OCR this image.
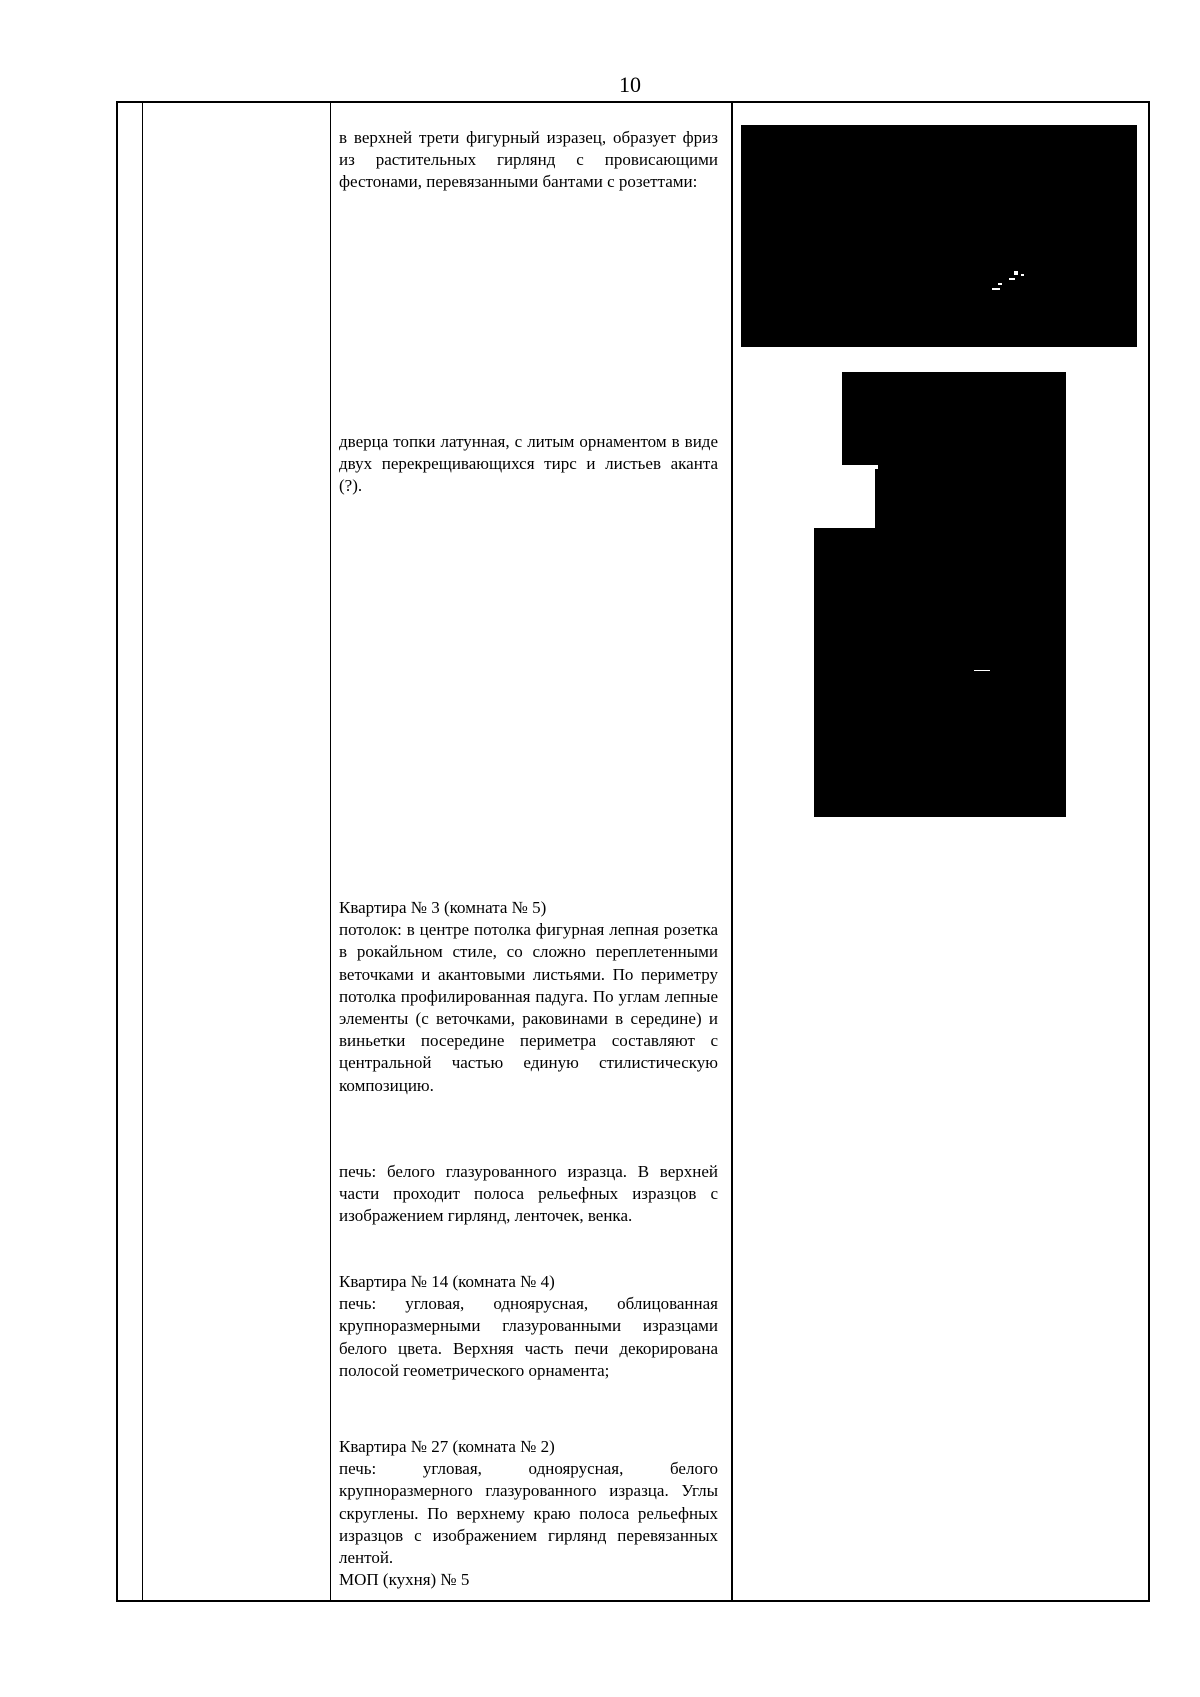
10

в верхней трети фигурный изразец, образует фриз из растительных гирлянд с провисающими фестонами, перевязанными бантами с розеттами:

дверца топки латунная, с литым орнаментом в виде двух перекрещивающихся тирс и листьев аканта (?).

Квартира № 3 (комната № 5)

потолок: в центре потолка фигурная лепная розетка в рокайльном стиле, со сложно переплетенными веточками и акантовыми листьями. По периметру потолка профилированная падуга. По углам лепные элементы (с веточками, раковинами в середине) и виньетки посередине периметра составляют с центральной частью единую стилистическую композицию.

печь: белого глазурованного изразца. В верхней части проходит полоса рельефных изразцов с изображением гирлянд, ленточек, венка.

Квартира № 14 (комната № 4)

печь: угловая, одноярусная, облицованная крупноразмерными глазурованными изразцами белого цвета. Верхняя часть печи декорирована полосой геометрического орнамента;

Квартира № 27 (комната № 2)

печь: угловая, одноярусная, белого крупноразмерного глазурованного изразца. Углы скруглены. По верхнему краю полоса рельефных изразцов с изображением гирлянд перевязанных лентой.

МОП (кухня) № 5
